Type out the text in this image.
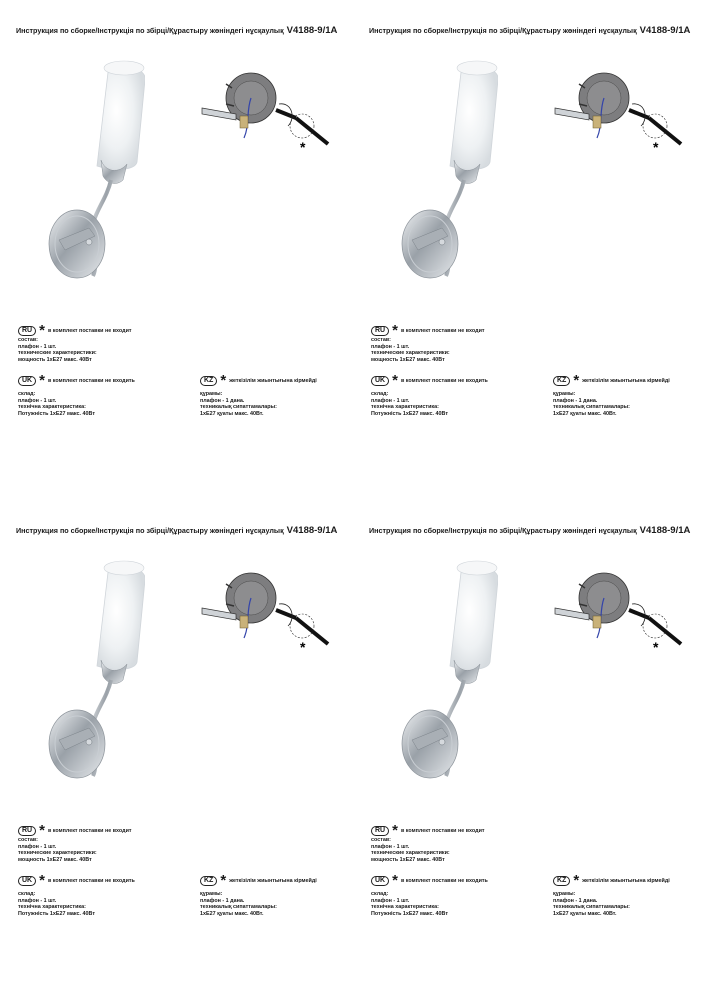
Инструкция по сборке/Інструкція по збірці/Құрастыру жөніндегі нұсқаулық V4188-9/1A
*
RU * в комплект поставки не входит
состав:
плафон - 1 шт.
технические характеристики:
мощность 1хE27 макс. 40Вт
UK * в комплект поставки не входить
склад:
плафон - 1 шт.
технічна характеристика:
Потужність 1хE27 макс. 40Вт
KZ * жеткізілім жиынтығына кірмейді
құрамы:
плафон - 1 дана.
техникалық сипаттамалары:
1хE27 қуаты макс. 40Вт.
Инструкция по сборке/Інструкція по збірці/Құрастыру жөніндегі нұсқаулық V4188-9/1A
*
RU * в комплект поставки не входит
состав:
плафон - 1 шт.
технические характеристики:
мощность 1хE27 макс. 40Вт
UK * в комплект поставки не входить
склад:
плафон - 1 шт.
технічна характеристика:
Потужність 1хE27 макс. 40Вт
KZ * жеткізілім жиынтығына кірмейді
құрамы:
плафон - 1 дана.
техникалық сипаттамалары:
1хE27 қуаты макс. 40Вт.
Инструкция по сборке/Інструкція по збірці/Құрастыру жөніндегі нұсқаулық V4188-9/1A
*
RU * в комплект поставки не входит
состав:
плафон - 1 шт.
технические характеристики:
мощность 1хE27 макс. 40Вт
UK * в комплект поставки не входить
склад:
плафон - 1 шт.
технічна характеристика:
Потужність 1хE27 макс. 40Вт
KZ * жеткізілім жиынтығына кірмейді
құрамы:
плафон - 1 дана.
техникалық сипаттамалары:
1хE27 қуаты макс. 40Вт.
Инструкция по сборке/Інструкція по збірці/Құрастыру жөніндегі нұсқаулық V4188-9/1A
*
RU * в комплект поставки не входит
состав:
плафон - 1 шт.
технические характеристики:
мощность 1хE27 макс. 40Вт
UK * в комплект поставки не входить
склад:
плафон - 1 шт.
технічна характеристика:
Потужність 1хE27 макс. 40Вт
KZ * жеткізілім жиынтығына кірмейді
құрамы:
плафон - 1 дана.
техникалық сипаттамалары:
1хE27 қуаты макс. 40Вт.
